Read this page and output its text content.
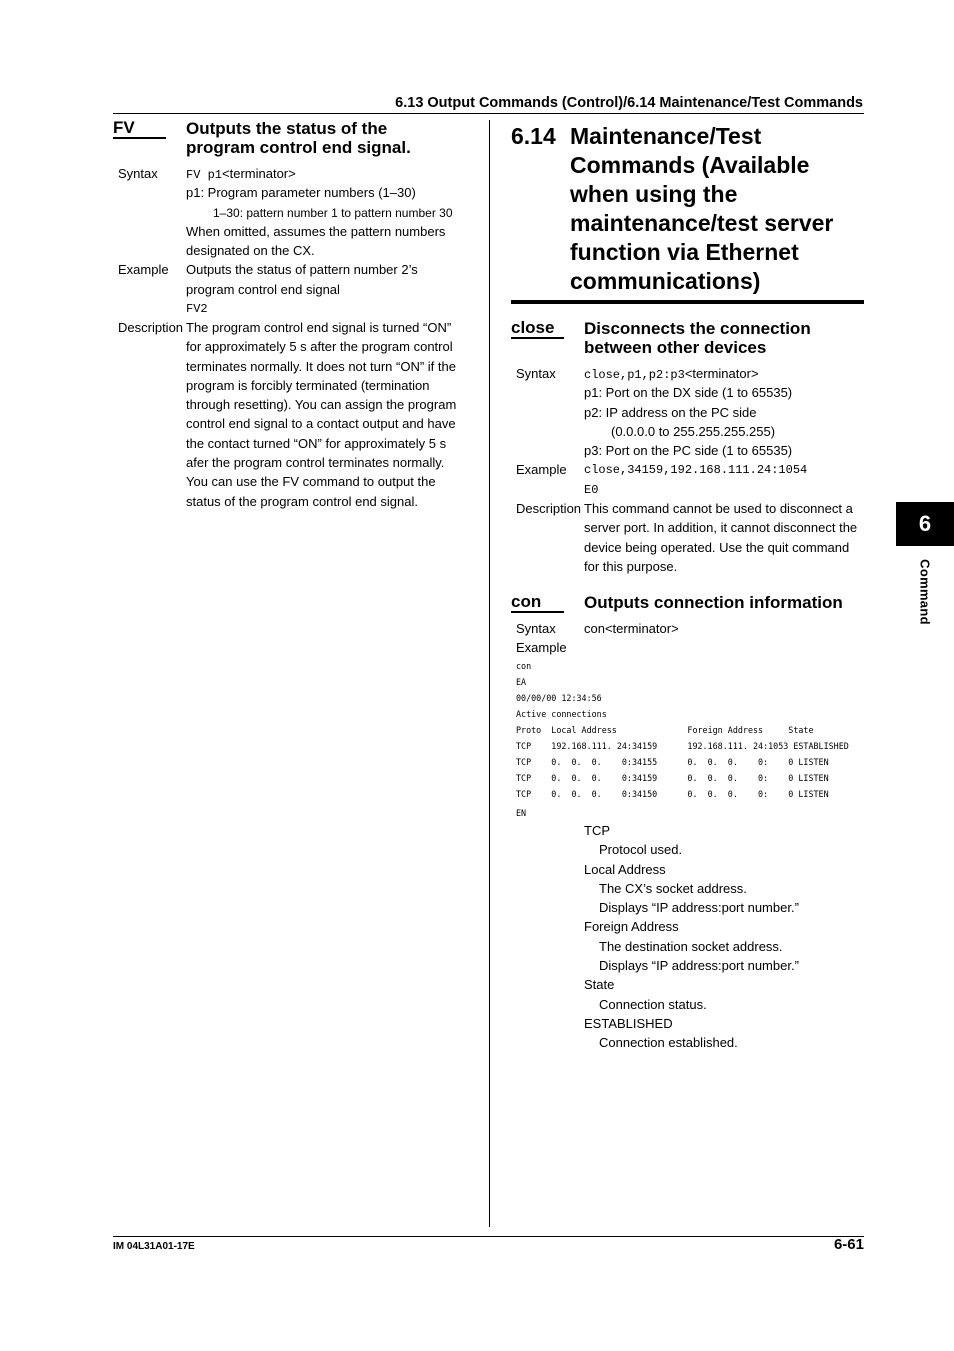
6.13 Output Commands (Control)/6.14 Maintenance/Test Commands
IM 04L31A01-17E	6-61
6
Command
FV	Outputs the status of the
program control end signal.
Syntax FV p1<terminator>
p1: Program parameter numbers (1–30)
1–30: pattern number 1 to pattern number 30
When omitted, assumes the pattern numbers
designated on the CX.
Example Outputs the status of pattern number 2’s
program control end signal
FV2
Description The program control end signal is turned “ON”
for approximately 5 s after the program control
terminates normally. It does not turn “ON” if the
program is forcibly terminated (termination
through resetting). You can assign the program
control end signal to a contact output and have
the contact turned “ON” for approximately 5 s
afer the program control terminates normally.
You can use the FV command to output the
status of the program control end signal.
6.14 Maintenance/Test
Commands (Available
when using the
maintenance/test server
function via Ethernet
communications)
close	Disconnects the connection
between other devices
Syntax close,p1,p2:p3<terminator>
p1: Port on the DX side (1 to 65535)
p2: IP address on the PC side
(0.0.0.0 to 255.255.255.255)
p3: Port on the PC side (1 to 65535)
Example close,34159,192.168.111.24:1054
E0
Description This command cannot be used to disconnect a
server port. In addition, it cannot disconnect the
device being operated. Use the quit command
for this purpose.
con	Outputs connection information
Syntax con<terminator>
Example
con
EA
00/00/00 12:34:56
Active connections
Proto  Local Address              Foreign Address     State
TCP    192.168.111. 24:34159      192.168.111. 24:1053 ESTABLISHED
TCP    0.  0.  0.    0:34155      0.  0.  0.    0:    0 LISTEN
TCP    0.  0.  0.    0:34159      0.  0.  0.    0:    0 LISTEN
TCP    0.  0.  0.    0:34150      0.  0.  0.    0:    0 LISTEN
EN
TCP
Protocol used.
Local Address
The CX’s socket address.
Displays “IP address:port number.”
Foreign Address
The destination socket address.
Displays “IP address:port number.”
State
Connection status.
ESTABLISHED
Connection established.
